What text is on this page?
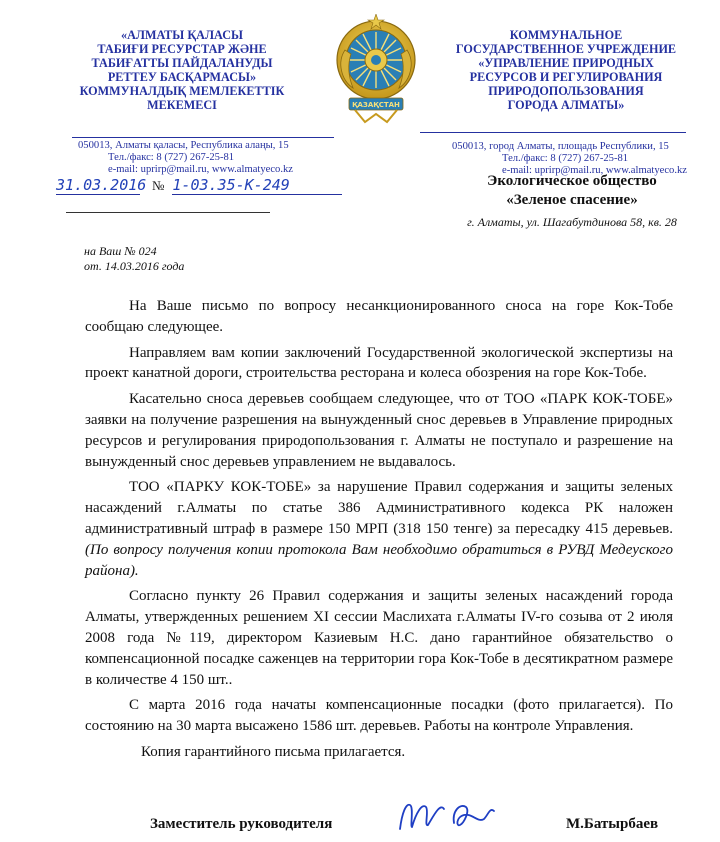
«АЛМАТЫ ҚАЛАСЫ
ТАБИҒИ РЕСУРСТАР ЖӘНЕ
ТАБИҒАТТЫ ПАЙДАЛАНУДЫ
РЕТТЕУ БАСҚАРМАСЫ»
КОММУНАЛДЫҚ МЕМЛЕКЕТТІК
МЕКЕМЕСІ	ҚАЗАҚСТАН
КОММУНАЛЬНОЕ
ГОСУДАРСТВЕННОЕ УЧРЕЖДЕНИЕ
«УПРАВЛЕНИЕ ПРИРОДНЫХ
РЕСУРСОВ И РЕГУЛИРОВАНИЯ
ПРИРОДОПОЛЬЗОВАНИЯ
ГОРОДА АЛМАТЫ»
050013, Алматы қаласы, Республика алаңы, 15
Тел./факс: 8 (727) 267-25-81
e-mail: uprirp@mail.ru, www.almatyeco.kz
050013, город Алматы, площадь Республики, 15
Тел./факс: 8 (727) 267-25-81
e-mail: uprirp@mail.ru, www.almatyeco.kz
31.03.2016 № 1-03.35-К-249	Экологическое общество
«Зеленое спасение»
г. Алматы, ул. Шагабутдинова 58, кв. 28
на Ваш № 024
от. 14.03.2016 года

На Ваше письмо по вопросу несанкционированного сноса на горе Кок-Тобе сообщаю следующее.

Направляем вам копии заключений Государственной экологической экспертизы на проект канатной дороги, строительства ресторана и колеса обозрения на горе Кок-Тобе.

Касательно сноса деревьев сообщаем следующее, что от ТОО «ПАРК КОК-ТОБЕ» заявки на получение разрешения на вынужденный снос деревьев в Управление природных ресурсов и регулирования природопользования г. Алматы не поступало и разрешение на вынужденный снос деревьев управлением не выдавалось.

ТОО «ПАРКУ КОК-ТОБЕ» за нарушение Правил содержания и защиты зеленых насаждений г.Алматы по статье 386 Административного кодекса РК наложен административный штраф в размере 150 МРП (318 150 тенге) за пересадку 415 деревьев. (По вопросу получения копии протокола Вам необходимо обратиться в РУВД Медеуского района).

Согласно пункту 26 Правил содержания и защиты зеленых насаждений города Алматы, утвержденных решением XI сессии Маслихата г.Алматы IV-го созыва от 2 июля 2008 года №119, директором Казиевым Н.С. дано гарантийное обязательство о компенсационной посадке саженцев на территории гора Кок-Тобе в десятикратном размере в количестве 4 150 шт..

С марта 2016 года начаты компенсационные посадки (фото прилагается). По состоянию на 30 марта высажено 1586 шт. деревьев. Работы на контроле Управления.

Копия гарантийного письма прилагается.

Заместитель руководителя	М.Батырбаев
